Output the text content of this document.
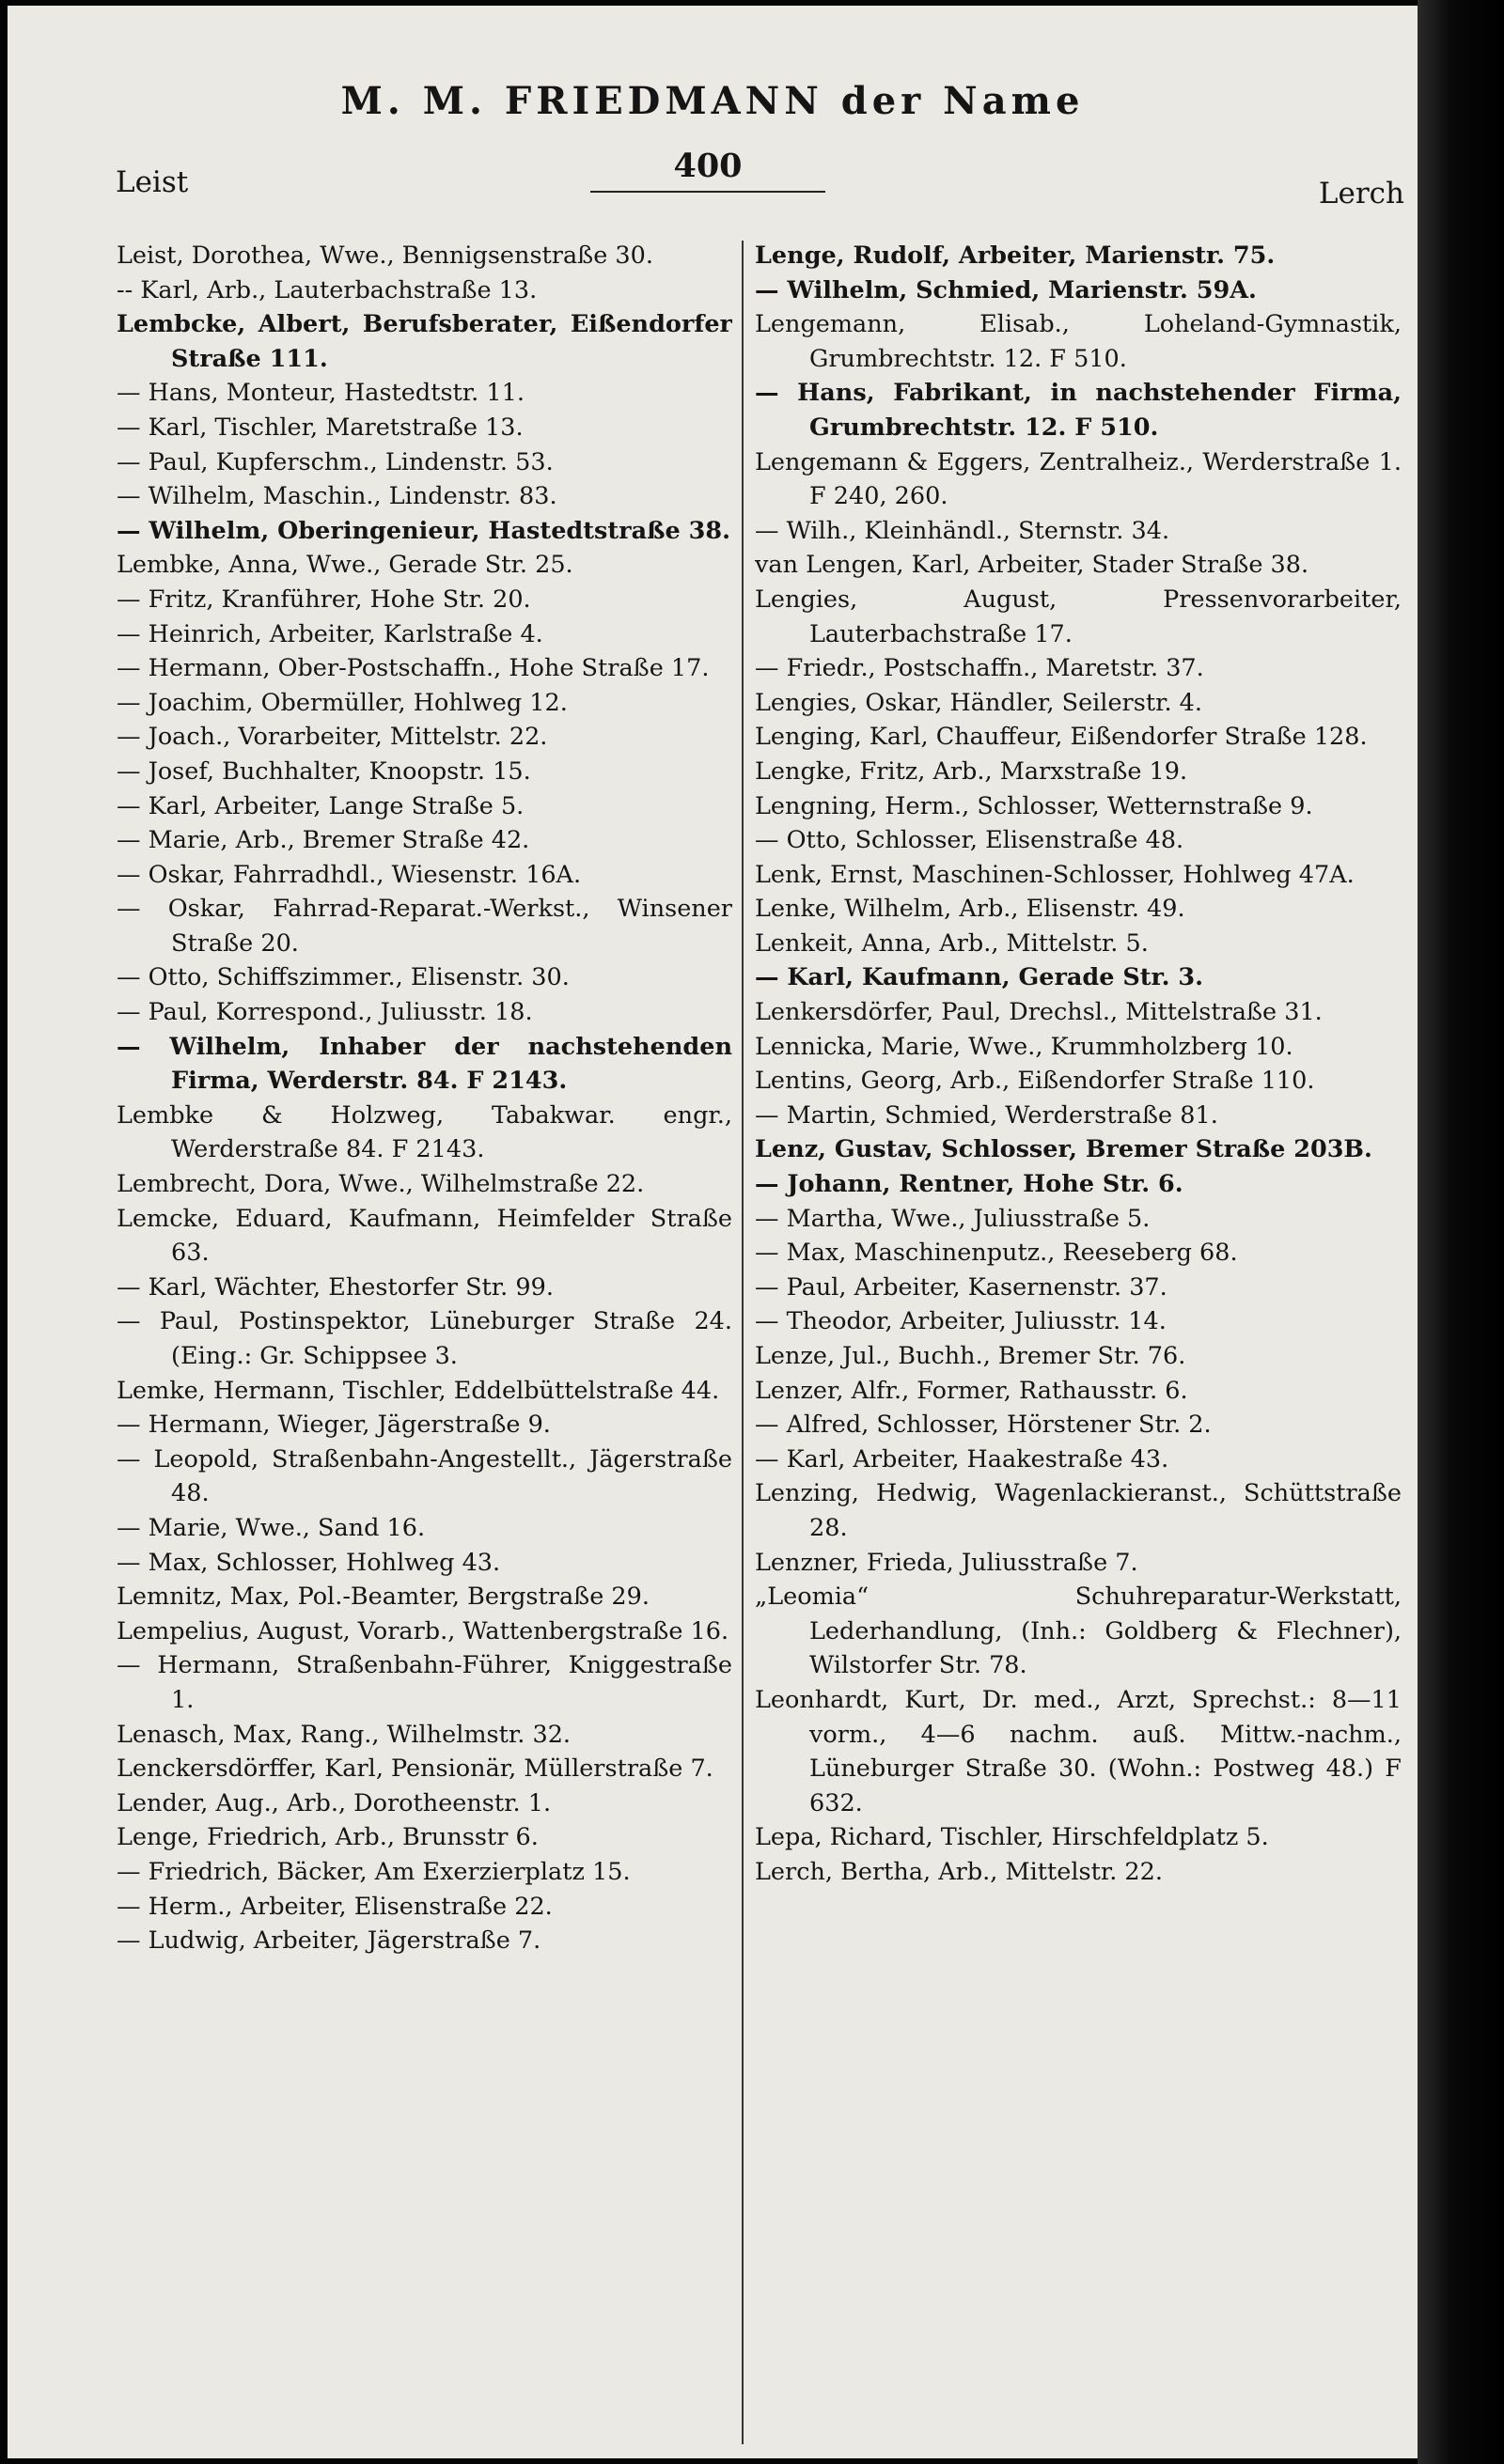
M. M. FRIEDMANN der Name
Leist	400
Lerch

Leist, Dorothea, Wwe., Bennigsenstraße 30.

-- Karl, Arb., Lauterbachstraße 13.

Lembcke, Albert, Berufsberater, Eißendorfer Straße 111.

— Hans, Monteur, Hastedtstr. 11.

— Karl, Tischler, Maretstraße 13.

— Paul, Kupferschm., Lindenstr. 53.

— Wilhelm, Maschin., Lindenstr. 83.

— Wilhelm, Oberingenieur, Hastedtstraße 38.

Lembke, Anna, Wwe., Gerade Str. 25.

— Fritz, Kranführer, Hohe Str. 20.

— Heinrich, Arbeiter, Karlstraße 4.

— Hermann, Ober-Postschaffn., Hohe Straße 17.

— Joachim, Obermüller, Hohlweg 12.

— Joach., Vorarbeiter, Mittelstr. 22.

— Josef, Buchhalter, Knoopstr. 15.

— Karl, Arbeiter, Lange Straße 5.

— Marie, Arb., Bremer Straße 42.

— Oskar, Fahrradhdl., Wiesenstr. 16A.

— Oskar, Fahrrad-Reparat.-Werkst., Winsener Straße 20.

— Otto, Schiffszimmer., Elisenstr. 30.

— Paul, Korrespond., Juliusstr. 18.

— Wilhelm, Inhaber der nachstehenden Firma, Werderstr. 84. F 2143.

Lembke & Holzweg, Tabakwar. engr., Werderstraße 84. F 2143.

Lembrecht, Dora, Wwe., Wilhelmstraße 22.

Lemcke, Eduard, Kaufmann, Heimfelder Straße 63.

— Karl, Wächter, Ehestorfer Str. 99.

— Paul, Postinspektor, Lüneburger Straße 24. (Eing.: Gr. Schippsee 3.

Lemke, Hermann, Tischler, Eddelbüttelstraße 44.

— Hermann, Wieger, Jägerstraße 9.

— Leopold, Straßenbahn-Angestellt., Jägerstraße 48.

— Marie, Wwe., Sand 16.

— Max, Schlosser, Hohlweg 43.

Lemnitz, Max, Pol.-Beamter, Bergstraße 29.

Lempelius, August, Vorarb., Wattenbergstraße 16.

— Hermann, Straßenbahn-Führer, Kniggestraße 1.

Lenasch, Max, Rang., Wilhelmstr. 32.

Lenckersdörffer, Karl, Pensionär, Müllerstraße 7.

Lender, Aug., Arb., Dorotheenstr. 1.

Lenge, Friedrich, Arb., Brunsstr 6.

— Friedrich, Bäcker, Am Exerzierplatz 15.

— Herm., Arbeiter, Elisenstraße 22.

— Ludwig, Arbeiter, Jägerstraße 7.

Lenge, Rudolf, Arbeiter, Marienstr. 75.

— Wilhelm, Schmied, Marienstr. 59A.

Lengemann, Elisab., Loheland-Gymnastik, Grumbrechtstr. 12. F 510.

— Hans, Fabrikant, in nachstehender Firma, Grumbrechtstr. 12. F 510.

Lengemann & Eggers, Zentralheiz., Werderstraße 1. F 240, 260.

— Wilh., Kleinhändl., Sternstr. 34.

van Lengen, Karl, Arbeiter, Stader Straße 38.

Lengies, August, Pressenvorarbeiter, Lauterbachstraße 17.

— Friedr., Postschaffn., Maretstr. 37.

Lengies, Oskar, Händler, Seilerstr. 4.

Lenging, Karl, Chauffeur, Eißendorfer Straße 128.

Lengke, Fritz, Arb., Marxstraße 19.

Lengning, Herm., Schlosser, Wetternstraße 9.

— Otto, Schlosser, Elisenstraße 48.

Lenk, Ernst, Maschinen-Schlosser, Hohlweg 47A.

Lenke, Wilhelm, Arb., Elisenstr. 49.

Lenkeit, Anna, Arb., Mittelstr. 5.

— Karl, Kaufmann, Gerade Str. 3.

Lenkersdörfer, Paul, Drechsl., Mittelstraße 31.

Lennicka, Marie, Wwe., Krummholzberg 10.

Lentins, Georg, Arb., Eißendorfer Straße 110.

— Martin, Schmied, Werderstraße 81.

Lenz, Gustav, Schlosser, Bremer Straße 203B.

— Johann, Rentner, Hohe Str. 6.

— Martha, Wwe., Juliusstraße 5.

— Max, Maschinenputz., Reeseberg 68.

— Paul, Arbeiter, Kasernenstr. 37.

— Theodor, Arbeiter, Juliusstr. 14.

Lenze, Jul., Buchh., Bremer Str. 76.

Lenzer, Alfr., Former, Rathausstr. 6.

— Alfred, Schlosser, Hörstener Str. 2.

— Karl, Arbeiter, Haakestraße 43.

Lenzing, Hedwig, Wagenlackieranst., Schüttstraße 28.

Lenzner, Frieda, Juliusstraße 7.

„Leomia“ Schuhreparatur-Werkstatt, Lederhandlung, (Inh.: Goldberg & Flechner), Wilstorfer Str. 78.

Leonhardt, Kurt, Dr. med., Arzt, Sprechst.: 8—11 vorm., 4—6 nachm. auß. Mittw.-nachm., Lüneburger Straße 30. (Wohn.: Postweg 48.) F 632.

Lepa, Richard, Tischler, Hirschfeldplatz 5.

Lerch, Bertha, Arb., Mittelstr. 22.
